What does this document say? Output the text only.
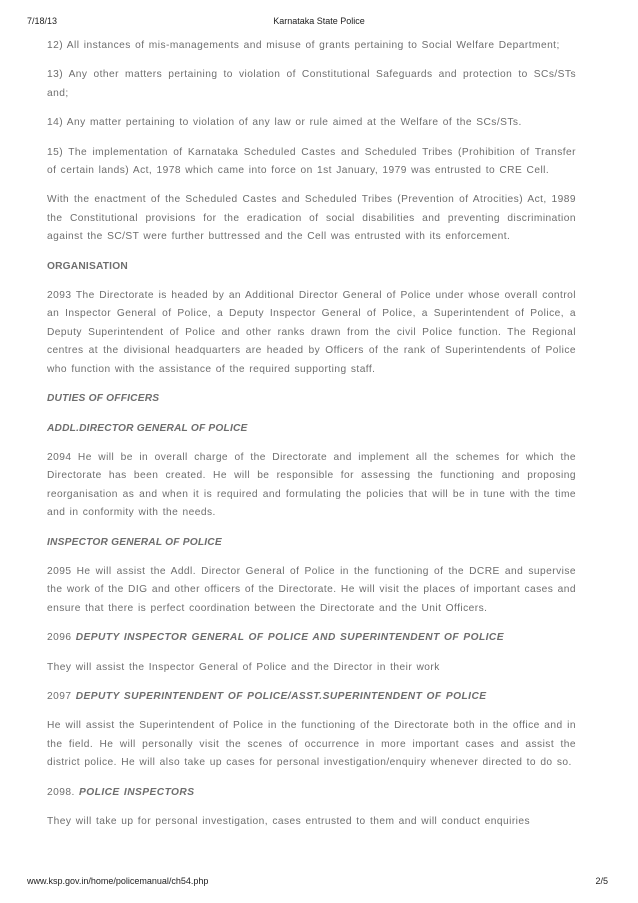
7/18/13	Karnataka State Police

12) All instances of mis-managements and misuse of grants pertaining to Social Welfare Department;

13) Any other matters pertaining to violation of Constitutional Safeguards and protection to SCs/STs and;

14) Any matter pertaining to violation of any law or rule aimed at the Welfare of the SCs/STs.

15) The implementation of Karnataka Scheduled Castes and Scheduled Tribes (Prohibition of Transfer of certain lands) Act, 1978 which came into force on 1st January, 1979 was entrusted to CRE Cell.

With the enactment of the Scheduled Castes and Scheduled Tribes (Prevention of Atrocities) Act, 1989 the Constitutional provisions for the eradication of social disabilities and preventing discrimination against the SC/ST were further buttressed and the Cell was entrusted with its enforcement.

ORGANISATION

2093 The Directorate is headed by an Additional Director General of Police under whose overall control an Inspector General of Police, a Deputy Inspector General of Police, a Superintendent of Police, a Deputy Superintendent of Police and other ranks drawn from the civil Police function. The Regional centres at the divisional headquarters are headed by Officers of the rank of Superintendents of Police who function with the assistance of the required supporting staff.

DUTIES OF OFFICERS

ADDL.DIRECTOR GENERAL OF POLICE

2094 He will be in overall charge of the Directorate and implement all the schemes for which the Directorate has been created. He will be responsible for assessing the functioning and proposing reorganisation as and when it is required and formulating the policies that will be in tune with the time and in conformity with the needs.

INSPECTOR GENERAL OF POLICE

2095 He will assist the Addl. Director General of Police in the functioning of the DCRE and supervise the work of the DIG and other officers of the Directorate. He will visit the places of important cases and ensure that there is perfect coordination between the Directorate and the Unit Officers.

2096 DEPUTY INSPECTOR GENERAL OF POLICE AND SUPERINTENDENT OF POLICE

They will assist the Inspector General of Police and the Director in their work

2097 DEPUTY SUPERINTENDENT OF POLICE/ASST.SUPERINTENDENT OF POLICE

He will assist the Superintendent of Police in the functioning of the Directorate both in the office and in the field. He will personally visit the scenes of occurrence in more important cases and assist the district police. He will also take up cases for personal investigation/enquiry whenever directed to do so.

2098. POLICE INSPECTORS

They will take up for personal investigation, cases entrusted to them and will conduct enquiries

www.ksp.gov.in/home/policemanual/ch54.php	2/5
